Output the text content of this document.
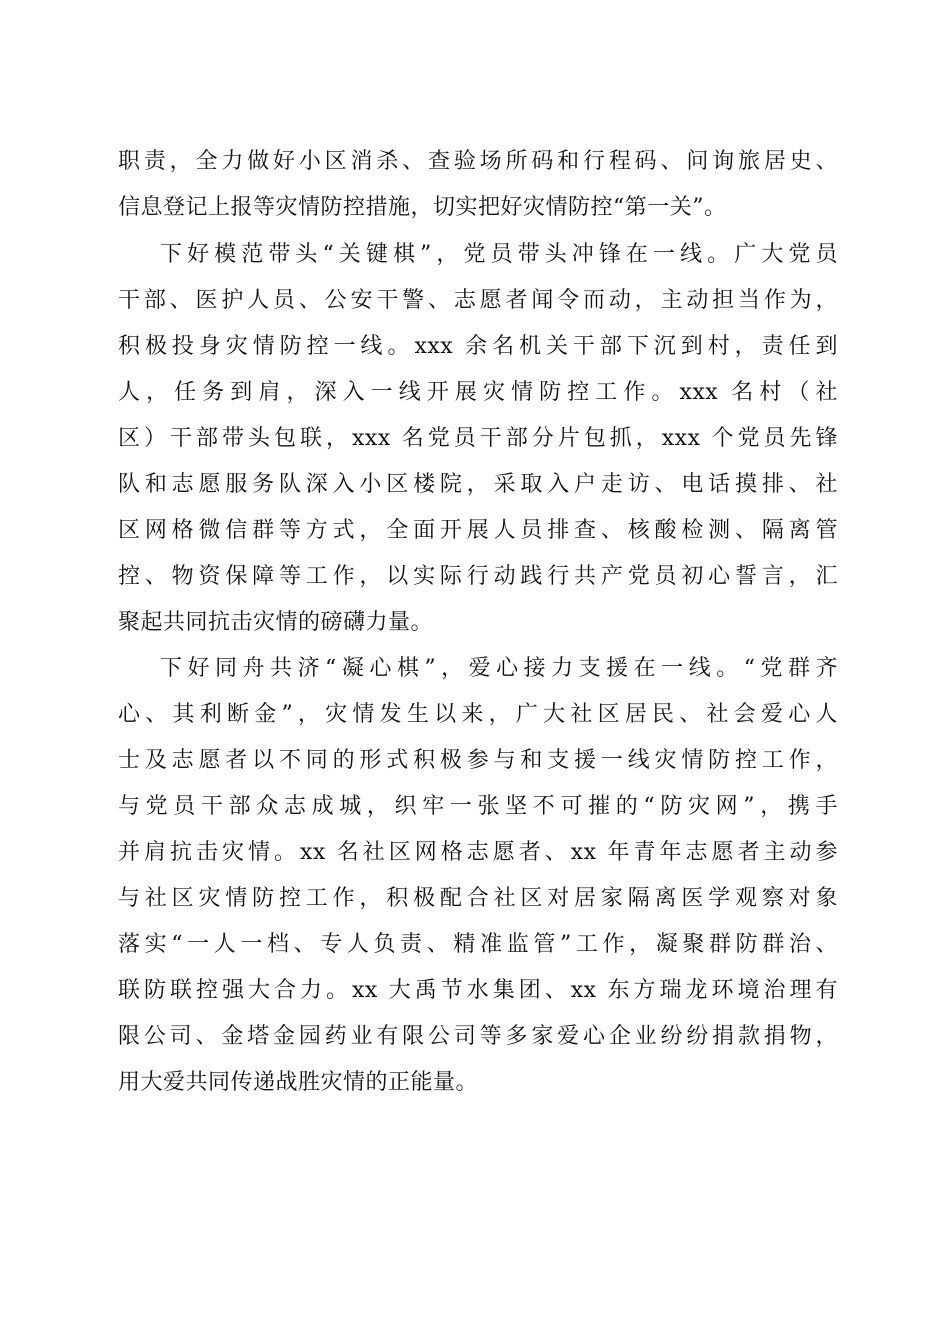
职责，全力做好小区消杀、查验场所码和行程码、问询旅居史、
信息登记上报等灾情防控措施，切实把好灾情防控“第一关”。
下好模范带头“关键棋”，党员带头冲锋在一线。广大党员
干部、医护人员、公安干警、志愿者闻令而动，主动担当作为，
积极投身灾情防控一线。xxx 余名机关干部下沉到村，责任到
人，任务到肩，深入一线开展灾情防控工作。xxx 名村（社
区）干部带头包联，xxx 名党员干部分片包抓，xxx 个党员先锋
队和志愿服务队深入小区楼院，采取入户走访、电话摸排、社
区网格微信群等方式，全面开展人员排查、核酸检测、隔离管
控、物资保障等工作，以实际行动践行共产党员初心誓言，汇
聚起共同抗击灾情的磅礴力量。
下好同舟共济“凝心棋”，爱心接力支援在一线。“党群齐
心、其利断金”，灾情发生以来，广大社区居民、社会爱心人
士及志愿者以不同的形式积极参与和支援一线灾情防控工作，
与党员干部众志成城，织牢一张坚不可摧的“防灾网”，携手
并肩抗击灾情。xx 名社区网格志愿者、xx 年青年志愿者主动参
与社区灾情防控工作，积极配合社区对居家隔离医学观察对象
落实“一人一档、专人负责、精准监管”工作，凝聚群防群治、
联防联控强大合力。xx 大禹节水集团、xx 东方瑞龙环境治理有
限公司、金塔金园药业有限公司等多家爱心企业纷纷捐款捐物，
用大爱共同传递战胜灾情的正能量。
